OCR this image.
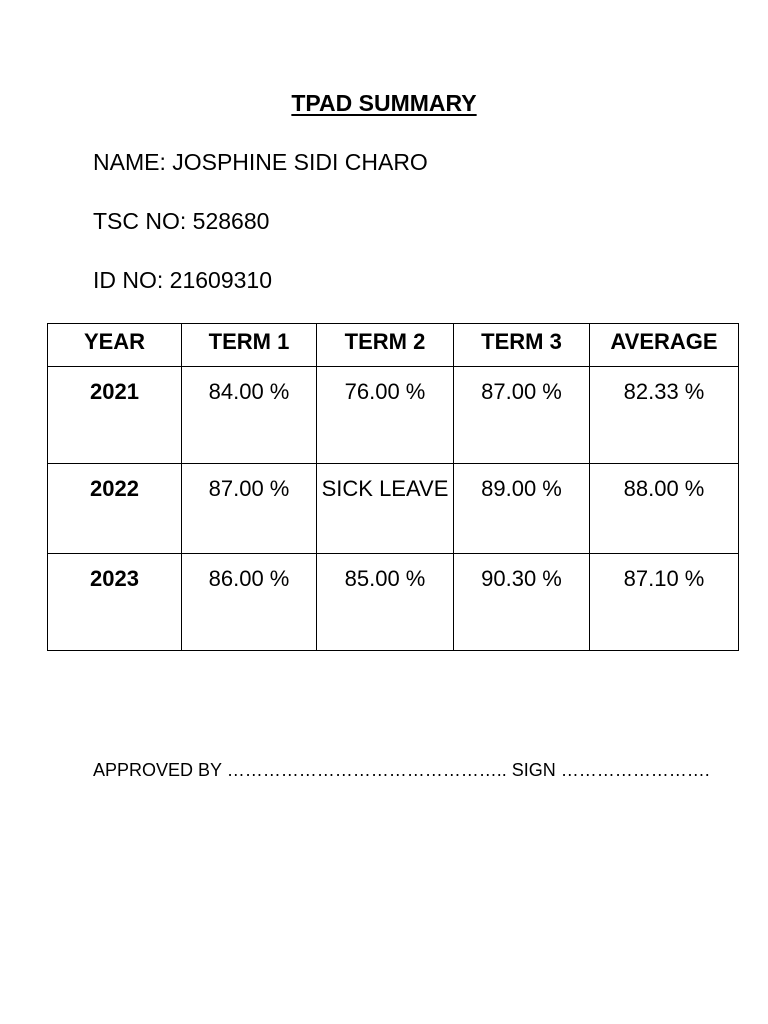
TPAD SUMMARY
NAME: JOSPHINE SIDI CHARO
TSC NO: 528680
ID NO: 21609310
YEAR	TERM 1	TERM 2	TERM 3	AVERAGE
2021	84.00 %	76.00 %	87.00 %	82.33 %
2022	87.00 %	SICK LEAVE	89.00 %	88.00 %
2023	86.00 %	85.00 %	90.30 %	87.10 %
APPROVED BY ……………………………………….. SIGN …………………….
